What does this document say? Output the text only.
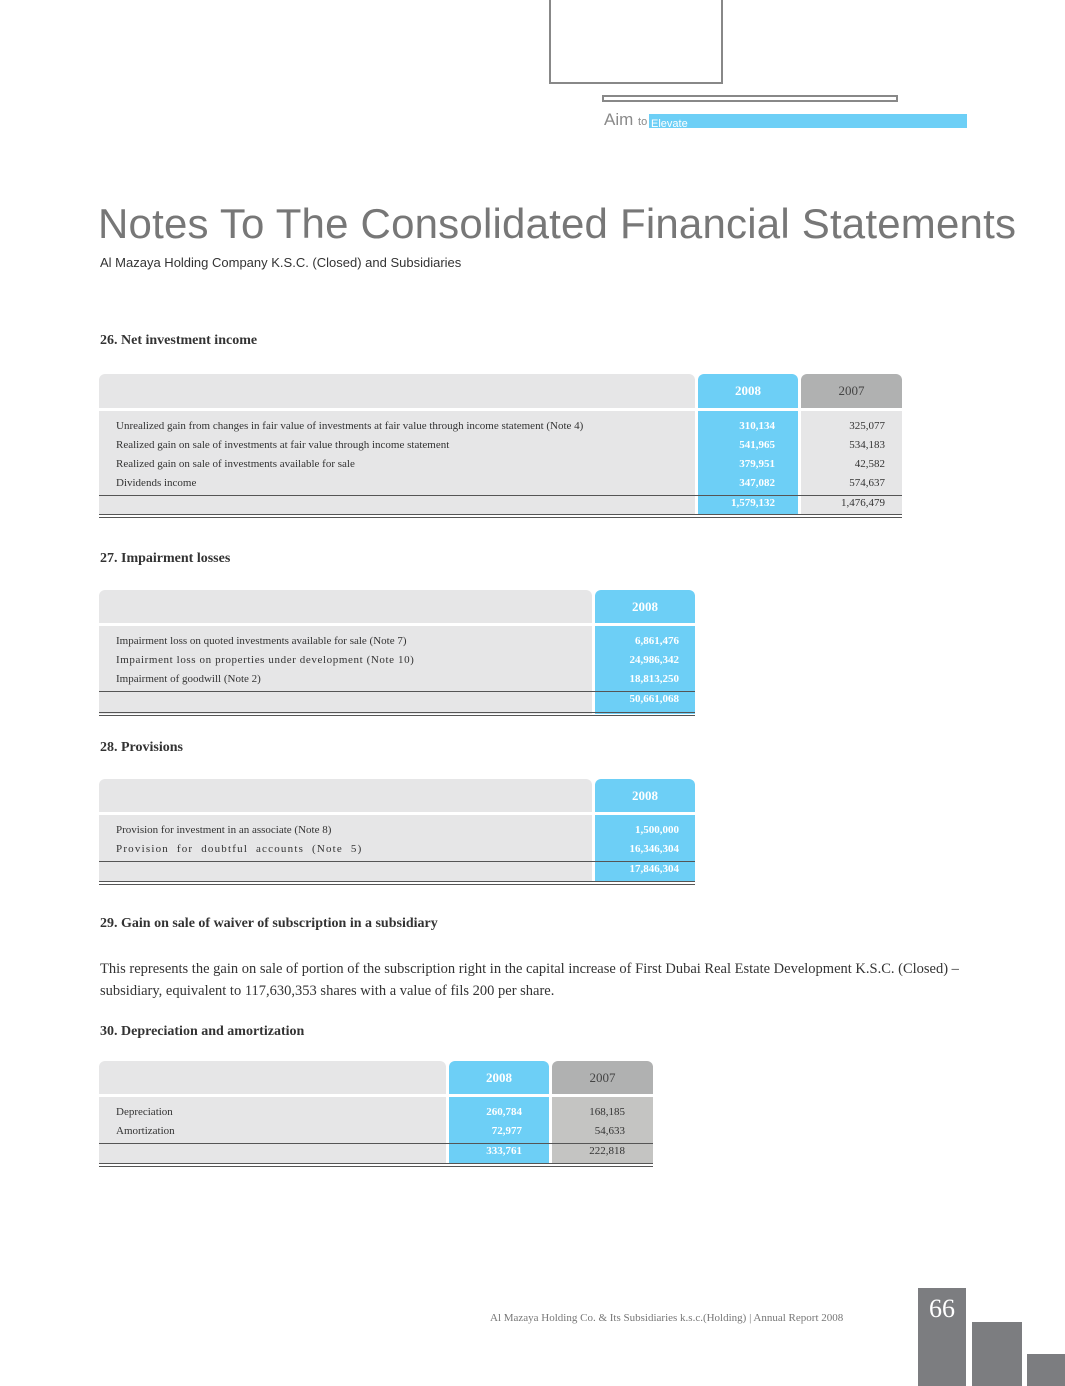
Elevate
Aim to
Notes To The Consolidated Financial Statements
Al Mazaya Holding Company K.S.C. (Closed) and Subsidiaries
26. Net investment income
2008	2007
Unrealized gain from changes in fair value of investments at fair value through income statement (Note 4)	310,134	325,077
Realized gain on sale of investments at fair value through income statement	541,965	534,183
Realized gain on sale of investments available for sale	379,951	42,582
Dividends income	347,082	574,637
1,579,132	1,476,479
27. Impairment losses
2008
Impairment loss on quoted investments available for sale (Note 7)	6,861,476
Impairment loss on properties under development (Note 10)	24,986,342
Impairment of goodwill (Note 2)	18,813,250
50,661,068
28. Provisions
2008
Provision for investment in an associate (Note 8)	1,500,000
Provision  for  doubtful  accounts  (Note  5)	16,346,304
17,846,304
29. Gain on sale of waiver of subscription in a subsidiary
This represents the gain on sale of portion of the subscription right in the capital increase of First Dubai Real Estate Development K.S.C. (Closed) – subsidiary, equivalent to 117,630,353 shares with a value of fils 200 per share.
30. Depreciation and amortization
2008	2007
Depreciation	260,784	168,185
Amortization	72,977	54,633
333,761	222,818
Al Mazaya Holding Co. & Its Subsidiaries k.s.c.(Holding) | Annual Report 2008	66
